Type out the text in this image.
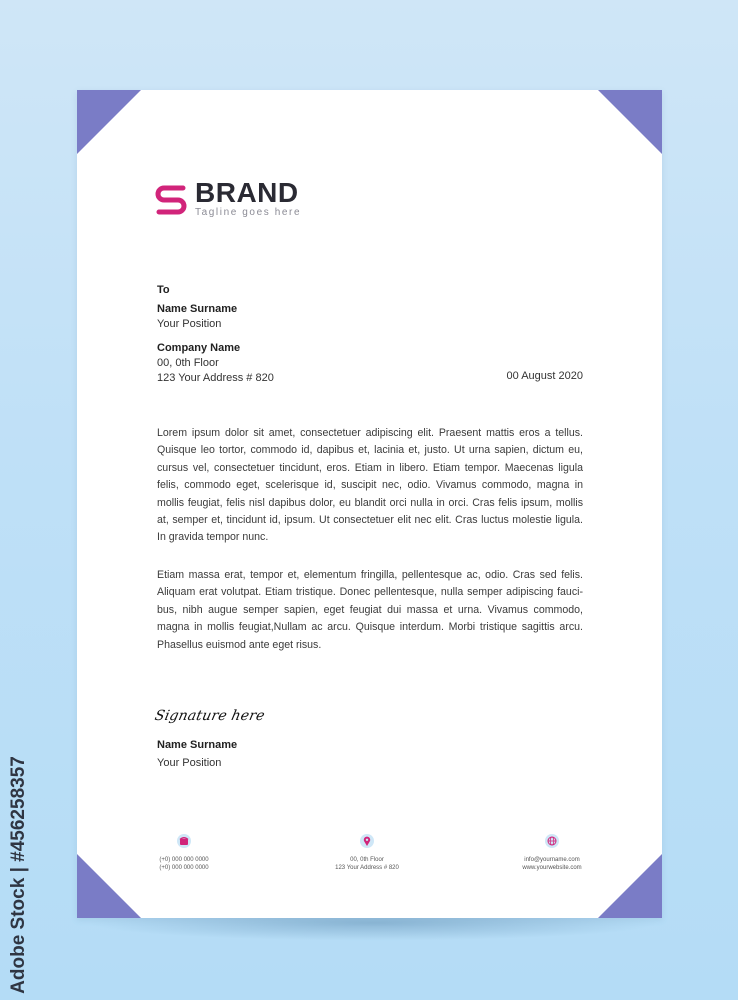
BRAND
Tagline goes here
To
Name Surname
Your Position
Company Name
00, 0th Floor
123 Your Address # 820	00 August 2020

Lorem ipsum dolor sit amet, consectetuer adipiscing elit. Praesent mattis eros a tellus. Quisque leo tortor, commodo id, dapibus et, lacinia et, justo. Ut urna sapien, dictum eu, cursus vel, consectetuer tincidunt, eros. Etiam in libero. Etiam tempor. Maecenas ligula felis, commodo eget, scelerisque id, suscipit nec, odio. Vivamus commodo, magna in mollis feugiat, felis nisl dapibus dolor, eu blandit orci nulla in orci. Cras felis ipsum, mollis at, semper et, tincidunt id, ipsum. Ut consectetuer elit nec elit. Cras luctus molestie ligula. In gravida tempor nunc.

Etiam massa erat, tempor et, elementum fringilla, pellentesque ac, odio. Cras sed felis. Aliquam erat volutpat. Etiam tristique. Donec pellentesque, nulla semper adipiscing fauci-bus, nibh augue semper sapien, eget feugiat dui massa et urna. Vivamus commodo, magna in mollis feugiat,Nullam ac arcu. Quisque interdum. Morbi tristique sagittis arcu. Phasellus euismod ante eget risus.

Signature here
Name Surname
Your Position
(+0) 000 000 0000
(+0) 000 000 0000
00, 0th Floor
123 Your Address # 820
info@yourname.com
www.yourwebsite.com
Adobe Stock | #456258357
